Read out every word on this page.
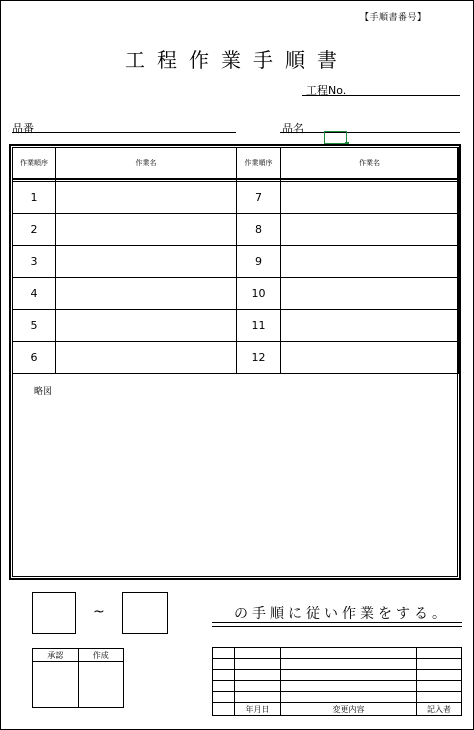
【手順書番号】
工程作業手順書
工程No.
品番	品名
作業順序	作業名	作業順序	作業名

1		7	
2		8	
3		9	
4		10	
5		11	
6		12	
略図
~	の手順に従い作業をする。
承認	作成

	年月日	変更内容	記入者
